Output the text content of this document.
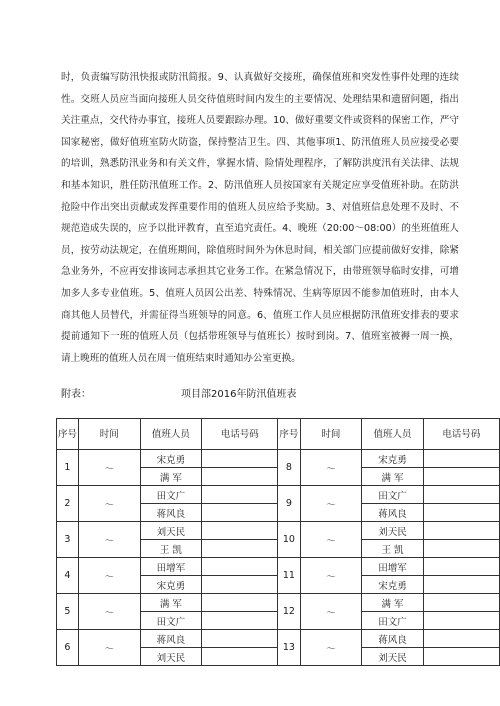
时，负责编写防汛快报或防汛简报。9、认真做好交接班，确保值班和突发性事件处理的连续性。交班人员应当面向接班人员交待值班时间内发生的主要情况、处理结果和遗留问题，指出关注重点，交代待办事宜，接班人员要跟踪办理。10、做好重要文件或资料的保密工作，严守国家秘密，做好值班室防火防盗，保持整洁卫生。四、其他事项1、防汛值班人员应接受必要的培训，熟悉防汛业务和有关文件，掌握水情、险情处理程序，了解防洪度汛有关法律、法规和基本知识，胜任防汛值班工作。2、防汛值班人员按国家有关规定应享受值班补助。在防洪抢险中作出突出贡献或发挥重要作用的值班人员应给予奖励。3、对值班信息处理不及时、不规范造成失误的，应予以批评教育，直至追究责任。4、晚班（20:00～08:00）的坐班值班人员，按劳动法规定，在值班期间，除值班时间外为休息时间，相关部门应提前做好安排，除紧急业务外，不应再安排该同志承担其它业务工作。在紧急情况下，由带班领导临时安排，可增加多人多专业值班。5、值班人员因公出差、特殊情况、生病等原因不能参加值班时，由本人商其他人员替代，并需征得当班领导的同意。6、值班工作人员应根据防汛值班安排表的要求提前通知下一班的值班人员（包括带班领导与值班长）按时到岗。7、值班室被褥一周一换，请上晚班的值班人员在周一值班结束时通知办公室更换。
附表：	项目部2016年防汛值班表
序号	时间	值班人员	电话号码	序号	时间	值班人员	电话号码
1	～	宋克勇		8	～	宋克勇	
		满 军				满 军	
2	～	田文广		9	～	田文广	
		蒋风良				蒋风良	
3	～	刘天民		10	～	刘天民	
		王 凯				王 凯	
4	～	田增军		11	～	田增军	
		宋克勇				宋克勇	
5	～	满 军		12	～	满 军	
		田文广				田文广	
6	～	蒋风良		13	～	蒋风良	
		刘天民				刘天民	
